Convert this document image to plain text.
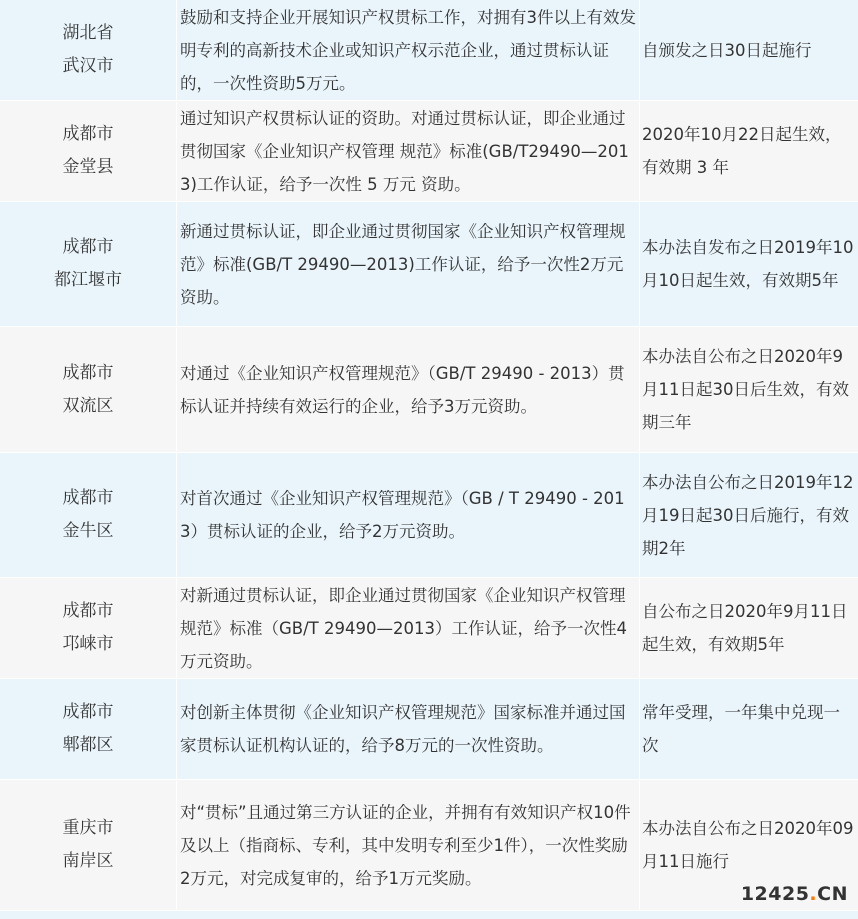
湖北省
武汉市
鼓励和支持企业开展知识产权贯标工作，对拥有3件以上有效发明专利的高新技术企业或知识产权示范企业，通过贯标认证的，一次性资助5万元。
自颁发之日30日起施行
成都市
金堂县
通过知识产权贯标认证的资助。对通过贯标认证，即企业通过贯彻国家《企业知识产权管理 规范》标准(GB/T29490—2013)工作认证，给予一次性 5 万元 资助。
2020年10月22日起生效，有效期 3 年
成都市
都江堰市
新通过贯标认证，即企业通过贯彻国家《企业知识产权管理规范》标准(GB/T 29490—2013)工作认证，给予一次性2万元资助。
本办法自发布之日2019年10月10日起生效，有效期5年
成都市
双流区
对通过《企业知识产权管理规范》（GB/T 29490 - 2013）贯标认证并持续有效运行的企业，给予3万元资助。
本办法自公布之日2020年9月11日起30日后生效，有效期三年
成都市
金牛区
对首次通过《企业知识产权管理规范》（GB / T 29490 - 2013）贯标认证的企业，给予2万元资助。
本办法自公布之日2019年12月19日起30日后施行，有效期2年
成都市
邛崃市
对新通过贯标认证，即企业通过贯彻国家《企业知识产权管理规范》标准（GB/T 29490—2013）工作认证，给予一次性4万元资助。
自公布之日2020年9月11日起生效，有效期5年
成都市
郫都区
对创新主体贯彻《企业知识产权管理规范》国家标准并通过国家贯标认证机构认证的，给予8万元的一次性资助。
常年受理，一年集中兑现一次
重庆市
南岸区
对“贯标”且通过第三方认证的企业，并拥有有效知识产权10件及以上（指商标、专利，其中发明专利至少1件），一次性奖励2万元，对完成复审的，给予1万元奖励。
本办法自公布之日2020年09月11日施行
12425.CN
